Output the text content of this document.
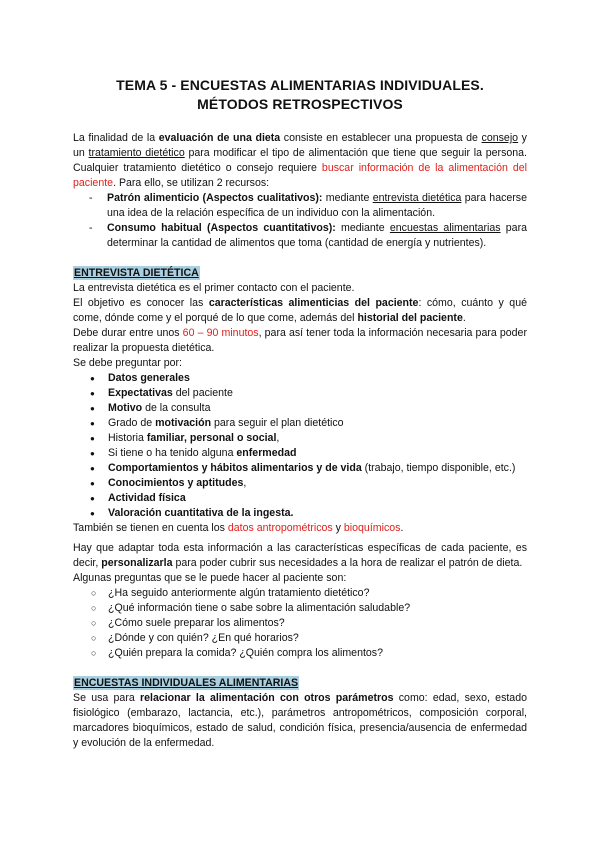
TEMA 5 - ENCUESTAS ALIMENTARIAS INDIVIDUALES.
MÉTODOS RETROSPECTIVOS

La finalidad de la evaluación de una dieta consiste en establecer una propuesta de consejo y un tratamiento dietético para modificar el tipo de alimentación que tiene que seguir la persona. Cualquier tratamiento dietético o consejo requiere buscar información de la alimentación del paciente. Para ello, se utilizan 2 recursos:

- Patrón alimenticio (Aspectos cualitativos): mediante entrevista dietética para hacerse una idea de la relación específica de un individuo con la alimentación.
- Consumo habitual (Aspectos cuantitativos): mediante encuestas alimentarias para determinar la cantidad de alimentos que toma (cantidad de energía y nutrientes).
ENTREVISTA DIETÉTICA

La entrevista dietética es el primer contacto con el paciente.

El objetivo es conocer las características alimenticias del paciente: cómo, cuánto y qué come, dónde come y el porqué de lo que come, además del historial del paciente.

Debe durar entre unos 60 – 90 minutos, para así tener toda la información necesaria para poder realizar la propuesta dietética.

Se debe preguntar por:

● Datos generales
● Expectativas del paciente
● Motivo de la consulta
● Grado de motivación para seguir el plan dietético
● Historia familiar, personal o social,
● Si tiene o ha tenido alguna enfermedad
● Comportamientos y hábitos alimentarios y de vida (trabajo, tiempo disponible, etc.)
● Conocimientos y aptitudes,
● Actividad física
● Valoración cuantitativa de la ingesta.

También se tienen en cuenta los datos antropométricos y bioquímicos.

Hay que adaptar toda esta información a las características específicas de cada paciente, es decir, personalizarla para poder cubrir sus necesidades a la hora de realizar el patrón de dieta.

Algunas preguntas que se le puede hacer al paciente son:

○ ¿Ha seguido anteriormente algún tratamiento dietético?
○ ¿Qué información tiene o sabe sobre la alimentación saludable?
○ ¿Cómo suele preparar los alimentos?
○ ¿Dónde y con quién? ¿En qué horarios?
○ ¿Quién prepara la comida? ¿Quién compra los alimentos?
ENCUESTAS INDIVIDUALES ALIMENTARIAS

Se usa para relacionar la alimentación con otros parámetros como: edad, sexo, estado fisiológico (embarazo, lactancia, etc.), parámetros antropométricos, composición corporal, marcadores bioquímicos, estado de salud, condición física, presencia/ausencia de enfermedad y evolución de la enfermedad.
